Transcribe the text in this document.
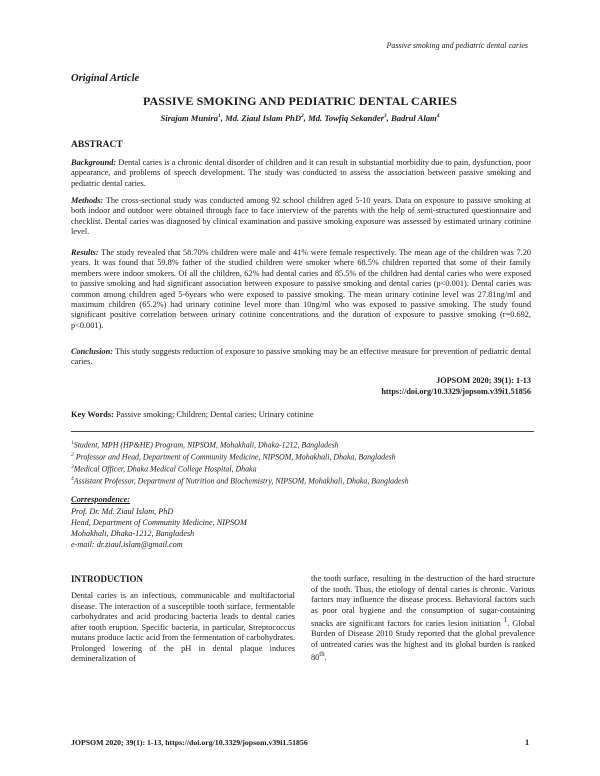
Passive smoking and pediatric dental caries
Original Article
PASSIVE SMOKING AND PEDIATRIC DENTAL CARIES
Sirajam Munira$^1$, Md. Ziaul Islam PhD$^2$, Md. Towfiq Sekander$^3$, Badrul Alam$^4$
ABSTRACT

Background: Dental caries is a chronic dental disorder of children and it can result in substantial morbidity due to pain, dysfunction, poor appearance, and problems of speech development. The study was conducted to assess the association between passive smoking and pediatric dental caries.

Methods: The cross-sectional study was conducted among 92 school children aged 5-10 years. Data on exposure to passive smoking at both indoor and outdoor were obtained through face to face interview of the parents with the help of semi-structured questionnaire and checklist. Dental caries was diagnosed by clinical examination and passive smoking exposure was assessed by estimated urinary cotinine level.

Results: The study revealed that 58.70% children were male and 41% were female respectively. The mean age of the children was 7.20 years. It was found that 59.8% father of the studied children were smoker where 68.5% children reported that some of their family members were indoor smokers. Of all the children, 62% had dental caries and 85.5% of the children had dental caries who were exposed to passive smoking and had significant association between exposure to passive smoking and dental caries (p<0.001). Dental caries was common among children aged 5-6years who were exposed to passive smoking. The mean urinary cotinine level was 27.81ng/ml and maximum children (65.2%) had urinary cotinine level more than 10ng/ml who was exposed to passive smoking. The study found significant positive correlation between urinary cotinine concentrations and the duration of exposure to passive smoking (r=0.692, p<0.001).

Conclusion: This study suggests reduction of exposure to passive smoking may be an effective measure for prevention of pediatric dental caries.

JOPSOM 2020; 39(1): 1-13

https://doi.org/10.3329/jopsom.v39i1.51856

Key Words: Passive smoking; Children; Dental caries; Urinary cotinine

$^1$Student, MPH (HP&HE) Program, NIPSOM, Mohakhali, Dhaka-1212, Bangladesh

$^2$ Professor and Head, Department of Community Medicine, NIPSOM, Mohakhali, Dhaka, Bangladesh

$^3$Medical Officer, Dhaka Medical College Hospital, Dhaka

$^4$Assistant Professor, Department of Nutrition and Biochemistry, NIPSOM, Mohakhali, Dhaka, Bangladesh

Correspondence:

Prof. Dr. Md. Ziaul Islam, PhD

Head, Department of Community Medicine, NIPSOM

Mohakhali, Dhaka-1212, Bangladesh

e-mail: dr.ziaul.islam@gmail.com

INTRODUCTION

Dental caries is an infectious, communicable and multifactorial disease. The interaction of a susceptible tooth surface, fermentable carbohydrates and acid producing bacteria leads to dental caries after tooth eruption. Specific bacteria, in particular, Streptococcus mutans produce lactic acid from the fermentation of carbohydrates. Prolonged lowering of the pH in dental plaque induces demineralization of

the tooth surface, resulting in the destruction of the hard structure of the tooth. Thus, the etiology of dental caries is chronic. Various factors may influence the disease process. Behavioral factors such as poor oral hygiene and the consumption of sugar-containing snacks are significant factors for caries lesion initiation $^1$. Global Burden of Disease 2010 Study reported that the global prevalence of untreated caries was the highest and its global burden is ranked 80th.

JOPSOM 2020; 39(1): 1-13, https://doi.org/10.3329/jopsom.v39i1.51856	1
